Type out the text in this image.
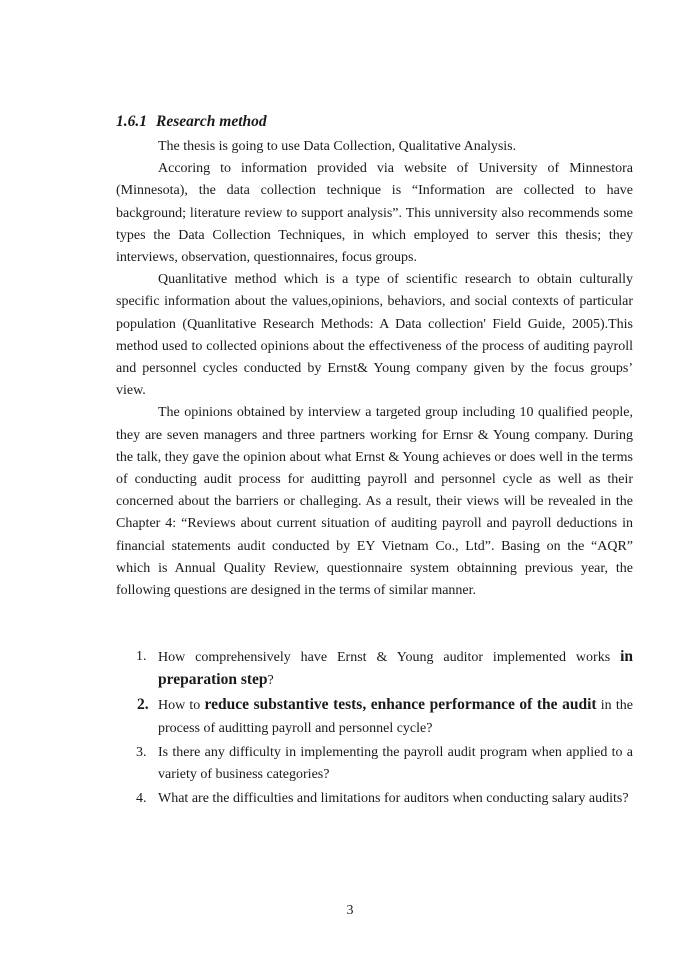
1.6.1 Research method

The thesis is going to use Data Collection, Qualitative Analysis.

Accoring to information provided via website of University of Minnestora (Minnesota), the data collection technique is “Information are collected to have background; literature review to support analysis”. This unniversity also recommends some types the Data Collection Techniques, in which employed to server this thesis; they interviews, observation, questionnaires, focus groups.

Quanlitative method which is a type of scientific research to obtain culturally specific information about the values,opinions, behaviors, and social contexts of particular population (Quanlitative Research Methods: A Data collection' Field Guide, 2005).This method used to collected opinions about the effectiveness of the process of auditing payroll and personnel cycles conducted by Ernst& Young company given by the focus groups’ view.

The opinions obtained by interview a targeted group including 10 qualified people, they are seven managers and three partners working for Ernsr & Young company. During the talk, they gave the opinion about what Ernst & Young achieves or does well in the terms of conducting audit process for auditting payroll and personnel cycle as well as their concerned about the barriers or challeging. As a result, their views will be revealed in the Chapter 4: “Reviews about current situation of auditing payroll and payroll deductions in financial statements audit conducted by EY Vietnam Co., Ltd”. Basing on the “AQR” which is Annual Quality Review, questionnaire system obtainning previous year, the following questions are designed in the terms of similar manner.

1. How comprehensively have Ernst & Young auditor implemented works in preparation step?
2. How to reduce substantive tests, enhance performance of the audit in the process of auditting payroll and personnel cycle?
3. Is there any difficulty in implementing the payroll audit program when applied to a variety of business categories?
4. What are the difficulties and limitations for auditors when conducting salary audits?
3
